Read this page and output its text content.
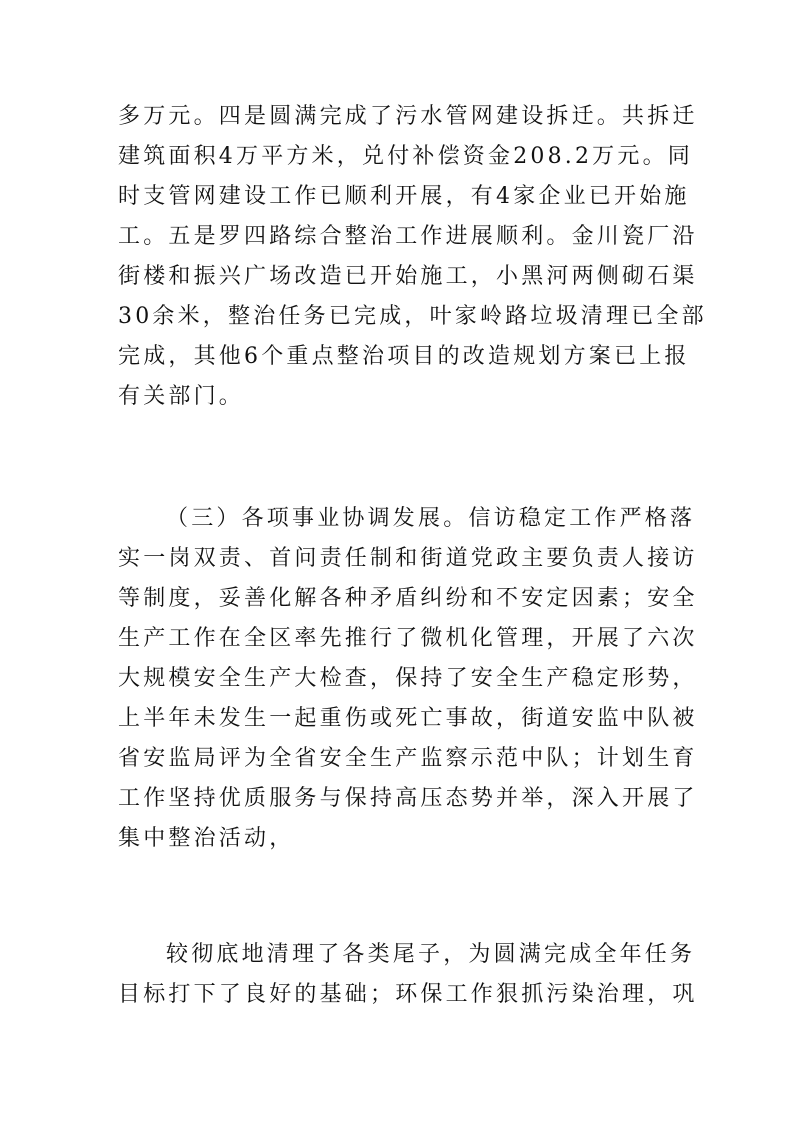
多万元。四是圆满完成了污水管网建设拆迁。共拆迁
建筑面积4万平方米，兑付补偿资金208.2万元。同
时支管网建设工作已顺利开展，有4家企业已开始施
工。五是罗四路综合整治工作进展顺利。金川瓷厂沿
街楼和振兴广场改造已开始施工，小黑河两侧砌石渠
30余米，整治任务已完成，叶家岭路垃圾清理已全部
完成，其他6个重点整治项目的改造规划方案已上报
有关部门。
（三）各项事业协调发展。信访稳定工作严格落
实一岗双责、首问责任制和街道党政主要负责人接访
等制度，妥善化解各种矛盾纠纷和不安定因素；安全
生产工作在全区率先推行了微机化管理，开展了六次
大规模安全生产大检查，保持了安全生产稳定形势，
上半年未发生一起重伤或死亡事故，街道安监中队被
省安监局评为全省安全生产监察示范中队；计划生育
工作坚持优质服务与保持高压态势并举，深入开展了
集中整治活动，
较彻底地清理了各类尾子，为圆满完成全年任务
目标打下了良好的基础；环保工作狠抓污染治理，巩
